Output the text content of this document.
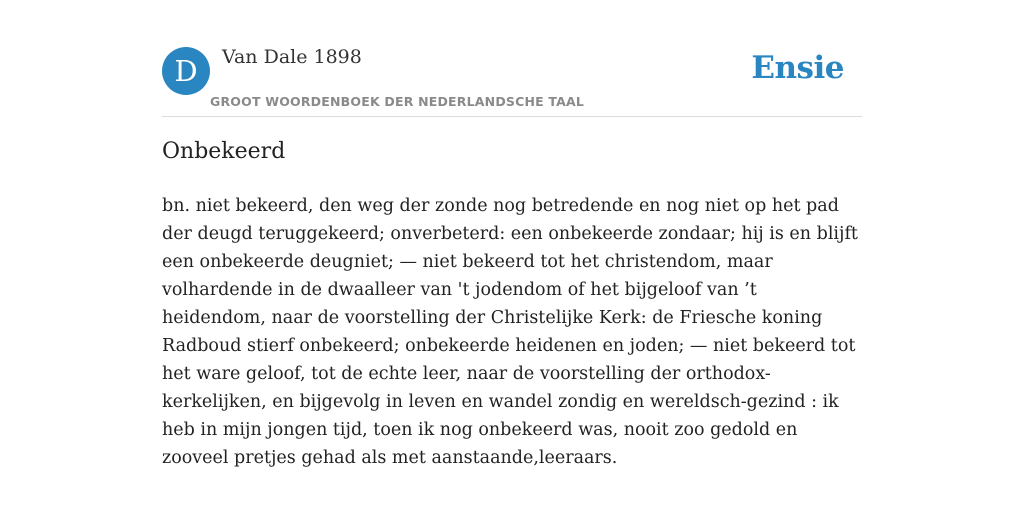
D	Van Dale 1898
GROOT WOORDENBOEK DER NEDERLANDSCHE TAAL
Ensie
Onbekeerd

bn. niet bekeerd, den weg der zonde nog betredende en nog niet op het pad der deugd teruggekeerd; onverbeterd: een onbekeerde zondaar; hij is en blijft een onbekeerde deugniet; — niet bekeerd tot het christendom, maar volhardende in de dwaalleer van 't jodendom of het bijgeloof van ’t heidendom, naar de voorstelling der Christelijke Kerk: de Friesche koning Radboud stierf onbekeerd; onbekeerde heidenen en joden; — niet bekeerd tot het ware geloof, tot de echte leer, naar de voorstelling der orthodox-kerkelijken, en bijgevolg in leven en wandel zondig en wereldsch-gezind : ik heb in mijn jongen tijd, toen ik nog onbekeerd was, nooit zoo gedold en zooveel pretjes gehad als met aanstaande,leeraars.
